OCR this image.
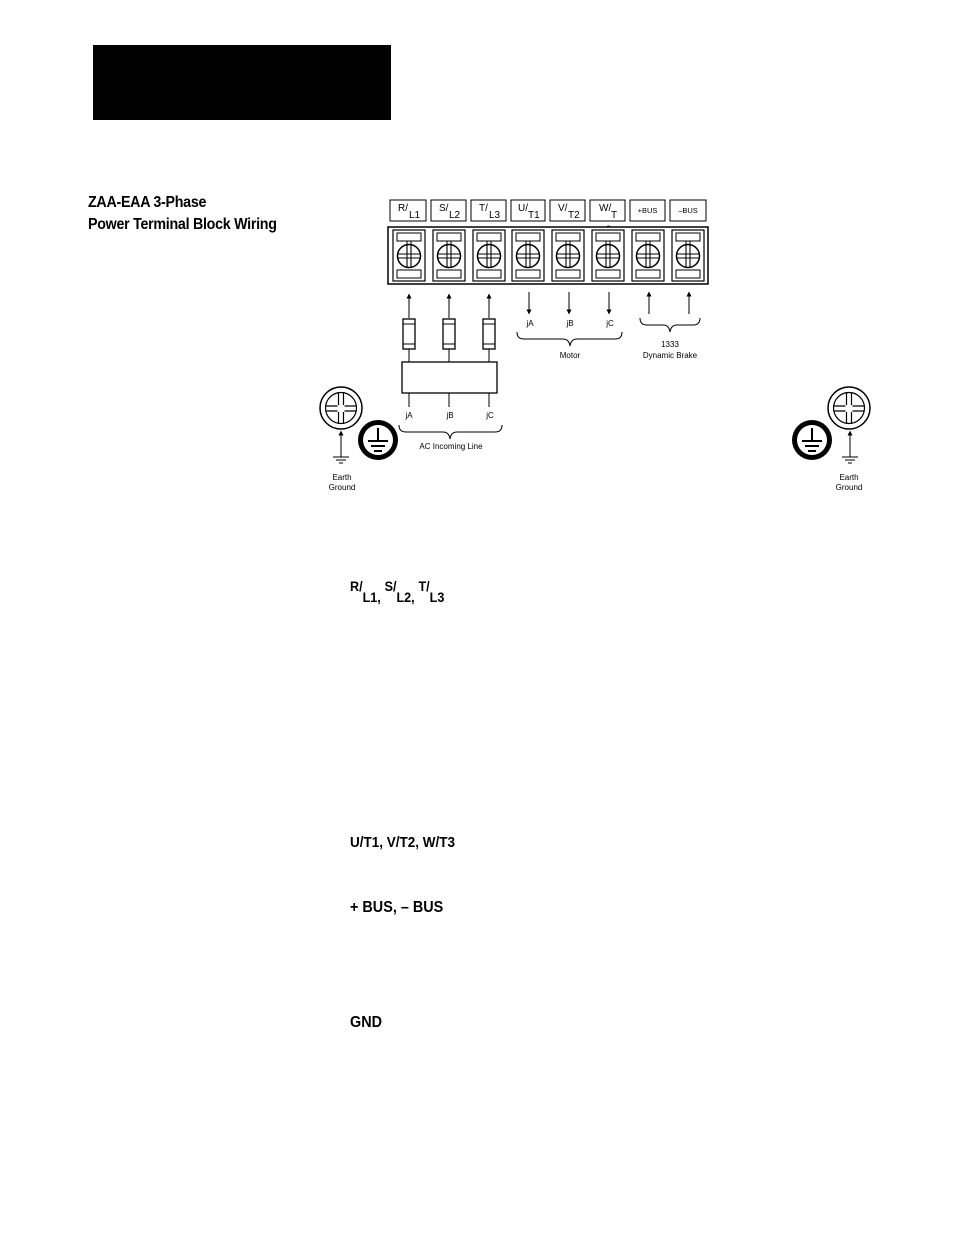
ZAA-EAA 3-Phase
Power Terminal Block Wiring
R/
L1
S/
L2
T/
L3
U/
T1
V/
T2
W/
T	+BUS	–BUS
jA	jB	jC
AC Incoming Line
jA	jB	jC
Motor
1333
Dynamic Brake
Earth
Ground
Earth
Ground
$R/_{L1,}$ $S/_{L2,}$ $T/_{L3}$
U/T1, V/T2, W/T3
+ BUS, – BUS
GND
